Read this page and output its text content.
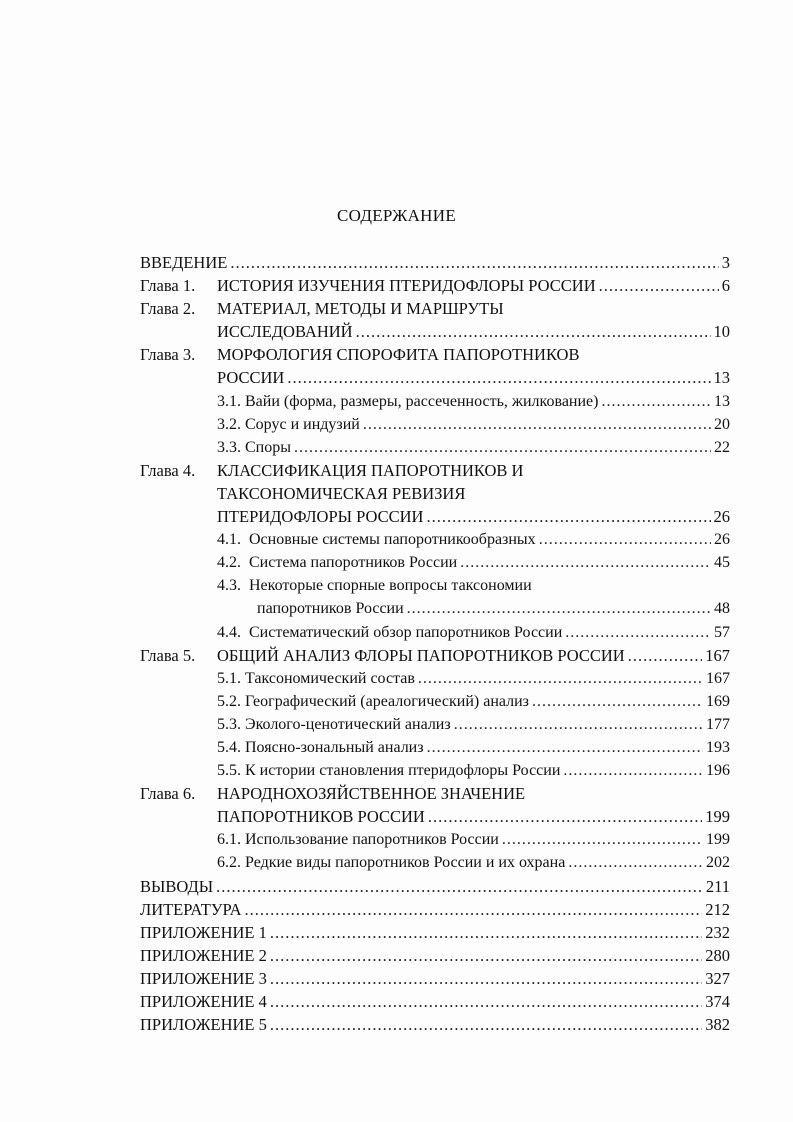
СОДЕРЖАНИЕ
ВВЕДЕНИЕ .....	3
Глава 1. ИСТОРИЯ ИЗУЧЕНИЯ ПТЕРИДОФЛОРЫ РОССИИ .....	6
Глава 2. МАТЕРИАЛ, МЕТОДЫ И МАРШРУТЫ
ИССЛЕДОВАНИЙ .....	10
Глава 3. МОРФОЛОГИЯ СПОРОФИТА ПАПОРОТНИКОВ
РОССИИ .....	13
3.1. Вайи (форма, размеры, рассеченность, жилкование) .....	13
3.2. Сорус и индузий .....	20
3.3. Споры .....	22
Глава 4. КЛАССИФИКАЦИЯ ПАПОРОТНИКОВ И
ТАКСОНОМИЧЕСКАЯ РЕВИЗИЯ
ПТЕРИДОФЛОРЫ РОССИИ .....	26
4.1.  Основные системы папоротникообразных .....	26
4.2.  Система папоротников России .....	45
4.3.  Некоторые спорные вопросы таксономии
папоротников России .....	48
4.4.  Систематический обзор папоротников России .....	57
Глава 5. ОБЩИЙ АНАЛИЗ ФЛОРЫ ПАПОРОТНИКОВ РОССИИ .....	167
5.1. Таксономический состав .....	167
5.2. Географический (ареалогический) анализ .....	169
5.3. Эколого-ценотический анализ .....	177
5.4. Поясно-зональный анализ .....	193
5.5. К истории становления птеридофлоры России .....	196
Глава 6. НАРОДНОХОЗЯЙСТВЕННОЕ ЗНАЧЕНИЕ
ПАПОРОТНИКОВ РОССИИ .....	199
6.1. Использование папоротников России .....	199
6.2. Редкие виды папоротников России и их охрана .....	202
ВЫВОДЫ .....	211
ЛИТЕРАТУРА .....	212
ПРИЛОЖЕНИЕ 1 .....	232
ПРИЛОЖЕНИЕ 2 .....	280
ПРИЛОЖЕНИЕ 3 .....	327
ПРИЛОЖЕНИЕ 4 .....	374
ПРИЛОЖЕНИЕ 5 .....	382
